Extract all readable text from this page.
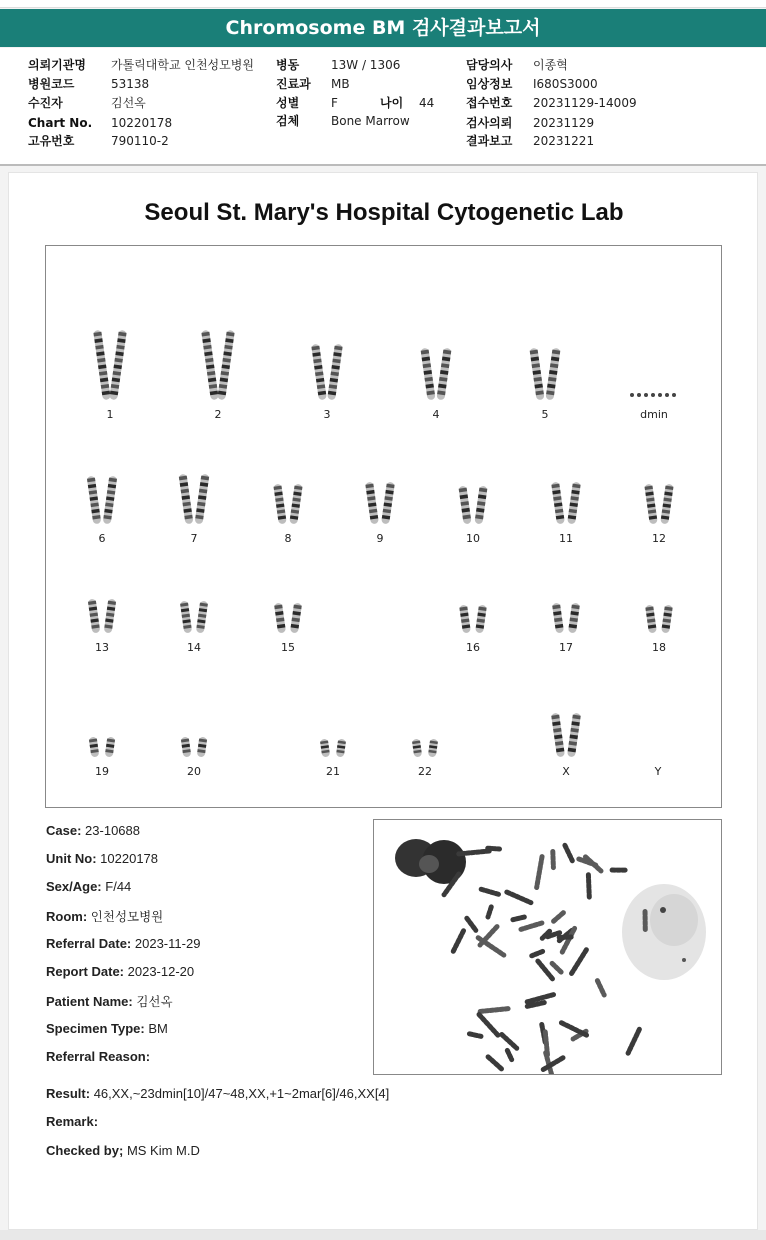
Chromosome BM 검사결과보고서
의뢰기관명 가톨릭대학교 인천성모병원
병원코드	53138
수진자	김선옥
Chart No. 10220178
고유번호	790110-2
병동	13W / 1306
진료과 MB
성별	F	나이 44
검체	Bone Marrow
담당의사 이종혁
임상정보 I680S3000
접수번호 20231129-14009
검사의뢰 20231129
결과보고 20231221
Seoul St. Mary's Hospital Cytogenetic Lab
1	2	3	4	5	dmin
6	7	8	9	10	11	12
13	14	15	16	17	18
19	20	21	22	X	Y
Case: 23-10688
Unit No: 10220178
Sex/Age: F/44
Room: 인천성모병원
Referral Date: 2023-11-29
Report Date: 2023-12-20
Patient Name: 김선옥
Specimen Type: BM
Referral Reason:
Result: 46,XX,~23dmin[10]/47~48,XX,+1~2mar[6]/46,XX[4]
Remark:
Checked by; MS Kim M.D
